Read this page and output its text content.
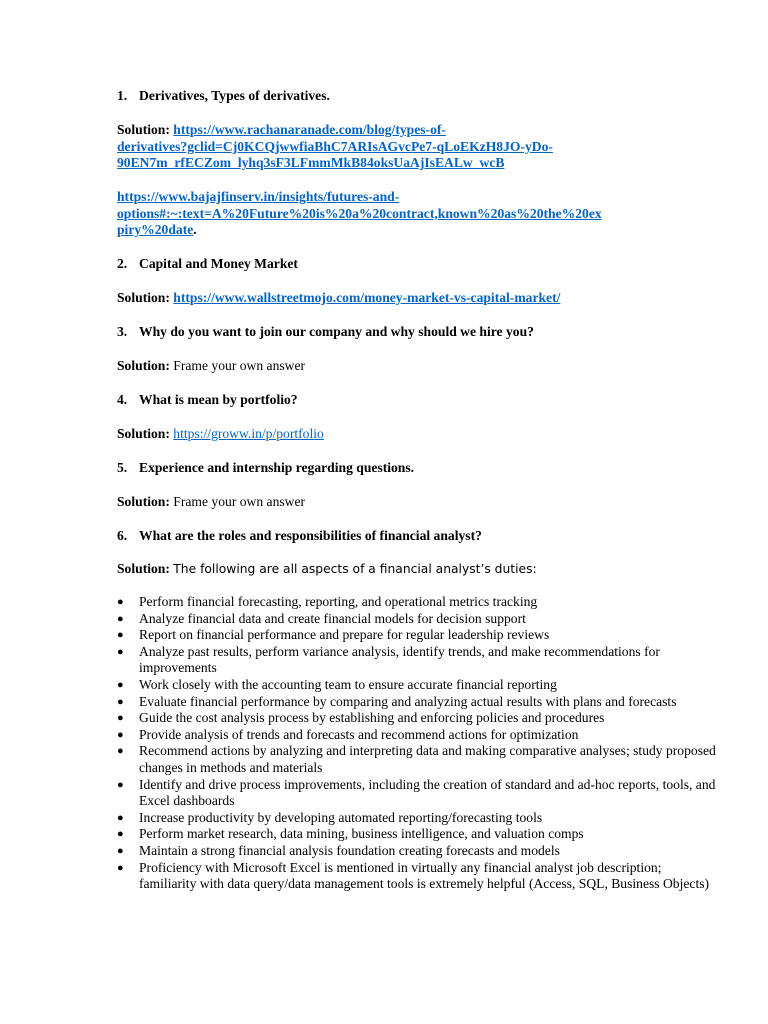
1. Derivatives, Types of derivatives.

Solution: https://www.rachanaranade.com/blog/types-of-
derivatives?gclid=Cj0KCQjwwfiaBhC7ARIsAGvcPe7-qLoEKzH8JO-yDo-
90EN7m_rfECZom_lyhq3sF3LFmmMkB84oksUaAjIsEALw_wcB

https://www.bajajfinserv.in/insights/futures-and-
options#:~:text=A%20Future%20is%20a%20contract,known%20as%20the%20ex
piry%20date.

2. Capital and Money Market

Solution: https://www.wallstreetmojo.com/money-market-vs-capital-market/

3. Why do you want to join our company and why should we hire you?

Solution: Frame your own answer

4. What is mean by portfolio?

Solution: https://groww.in/p/portfolio

5. Experience and internship regarding questions.

Solution: Frame your own answer

6. What are the roles and responsibilities of financial analyst?

Solution: The following are all aspects of a financial analyst’s duties:

● Perform financial forecasting, reporting, and operational metrics tracking
● Analyze financial data and create financial models for decision support
● Report on financial performance and prepare for regular leadership reviews
● Analyze past results, perform variance analysis, identify trends, and make recommendations for improvements
● Work closely with the accounting team to ensure accurate financial reporting
● Evaluate financial performance by comparing and analyzing actual results with plans and forecasts
● Guide the cost analysis process by establishing and enforcing policies and procedures
● Provide analysis of trends and forecasts and recommend actions for optimization
● Recommend actions by analyzing and interpreting data and making comparative analyses; study proposed changes in methods and materials
● Identify and drive process improvements, including the creation of standard and ad-hoc reports, tools, and Excel dashboards
● Increase productivity by developing automated reporting/forecasting tools
● Perform market research, data mining, business intelligence, and valuation comps
● Maintain a strong financial analysis foundation creating forecasts and models
● Proficiency with Microsoft Excel is mentioned in virtually any financial analyst job description; familiarity with data query/data management tools is extremely helpful (Access, SQL, Business Objects)
